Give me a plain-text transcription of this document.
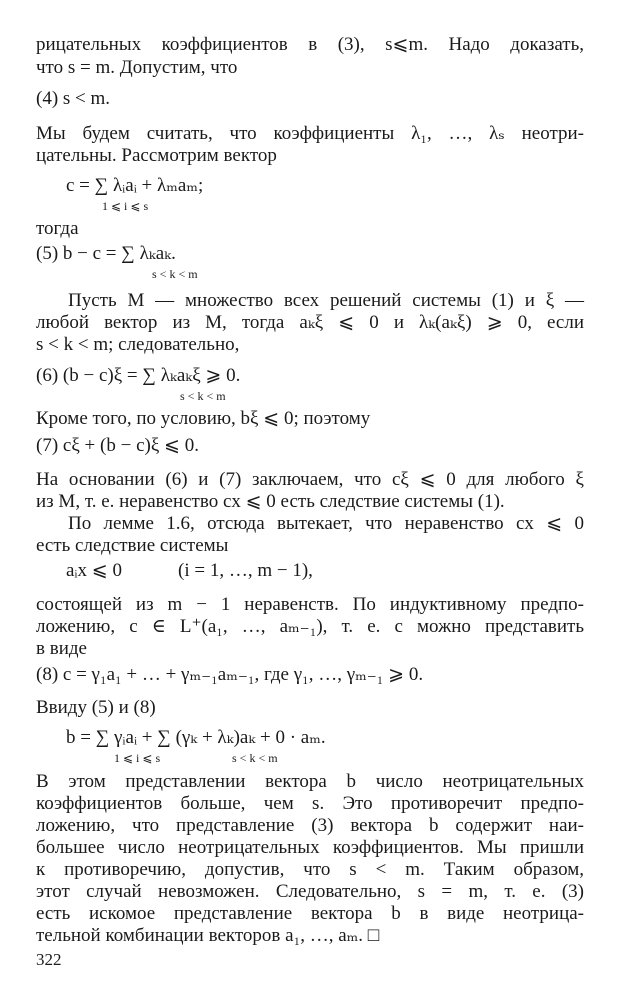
рицательных коэффициентов в (3), s⩽m. Надо доказать,
что s = m. Допустим, что
(4) s < m.
Мы будем считать, что коэффициенты λ₁, …, λₛ неотри-
цательны. Рассмотрим вектор
c = ∑ λᵢaᵢ + λₘaₘ;
1 ⩽ i ⩽ s
тогда
(5) b − c = ∑ λₖaₖ.
s < k < m
Пусть M — множество всех решений системы (1) и ξ —
любой вектор из M, тогда aₖξ ⩽ 0 и λₖ(aₖξ) ⩾ 0, если
s < k < m; следовательно,
(6) (b − c)ξ = ∑ λₖaₖξ ⩾ 0.
s < k < m
Кроме того, по условию, bξ ⩽ 0; поэтому
(7) cξ + (b − c)ξ ⩽ 0.
На основании (6) и (7) заключаем, что cξ ⩽ 0 для любого ξ
из M, т. е. неравенство cx ⩽ 0 есть следствие системы (1).
По лемме 1.6, отсюда вытекает, что неравенство cx ⩽ 0
есть следствие системы
aᵢx ⩽ 0	(i = 1, …, m − 1),
состоящей из m − 1 неравенств. По индуктивному предпо-
ложению, c ∈ L⁺(a₁, …, aₘ₋₁), т. е. c можно представить
в виде
(8) c = γ₁a₁ + … + γₘ₋₁aₘ₋₁, где γ₁, …, γₘ₋₁ ⩾ 0.
Ввиду (5) и (8)
b = ∑ γᵢaᵢ + ∑ (γₖ + λₖ)aₖ + 0 · aₘ.
1 ⩽ i ⩽ s	s < k < m
В этом представлении вектора b число неотрицательных
коэффициентов больше, чем s. Это противоречит предпо-
ложению, что представление (3) вектора b содержит наи-
большее число неотрицательных коэффициентов. Мы пришли
к противоречию, допустив, что s < m. Таким образом,
этот случай невозможен. Следовательно, s = m, т. е. (3)
есть искомое представление вектора b в виде неотрица-
тельной комбинации векторов a₁, …, aₘ. □
322
